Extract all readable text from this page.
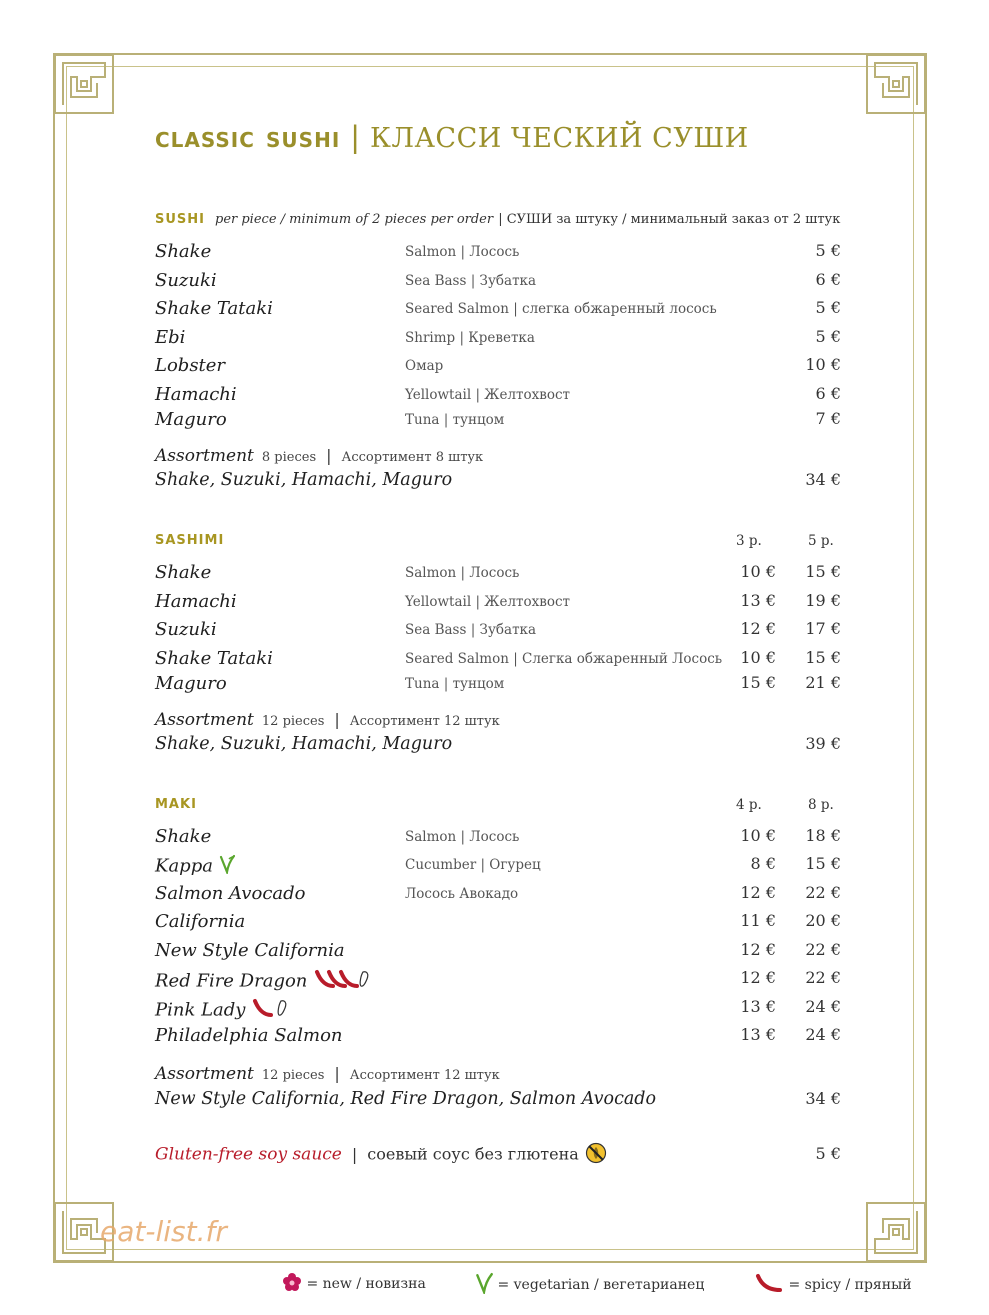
classic sushi | КЛАССИ ЧЕСКИЙ СУШИ
sushi per piece / minimum of 2 pieces per order | СУШИ за штуку / минимальный заказ от 2 штук
Shake	Salmon | Лосось	5 €
Suzuki	Sea Bass | Зубатка	6 €
Shake Tataki	Seared Salmon | слегка обжаренный лосось	5 €
Ebi	Shrimp | Креветка	5 €
Lobster	Омар	10 €
Hamachi	Yellowtail | Желтохвост	6 €
Maguro	Tuna | тунцом	7 €
Assortment 8 pieces | Ассортимент 8 штук
Shake, Suzuki, Hamachi, Maguro	34 €
sashimi	3 p.	5 p.
Shake	Salmon | Лосось	10 € 15 €
Hamachi	Yellowtail | Желтохвост	13 € 19 €
Suzuki	Sea Bass | Зубатка	12 € 17 €
Shake Tataki	Seared Salmon | Слегка обжаренный Лосось 10 € 15 €
Maguro	Tuna | тунцом	15 € 21 €
Assortment 12 pieces | Ассортимент 12 штук
Shake, Suzuki, Hamachi, Maguro	39 €
maki	4 p.	8 p.
Shake	Salmon | Лосось	10 € 18 €
Kappa	Cucumber | Огурец	8 € 15 €
Salmon Avocado	Лосось Авокадо	12 € 22 €
California	11 € 20 €
New Style California	12 € 22 €
Red Fire Dragon	12 € 22 €
Pink Lady	13 € 24 €
Philadelphia Salmon	13 € 24 €
Assortment 12 pieces | Ассортимент 12 штук
New Style California, Red Fire Dragon, Salmon Avocado	34 €
Gluten-free soy sauce | соевый соус без глютена	5 €
eat-list.fr
= new / новизна	= vegetarian / вегетарианец	= spicy / пряный
